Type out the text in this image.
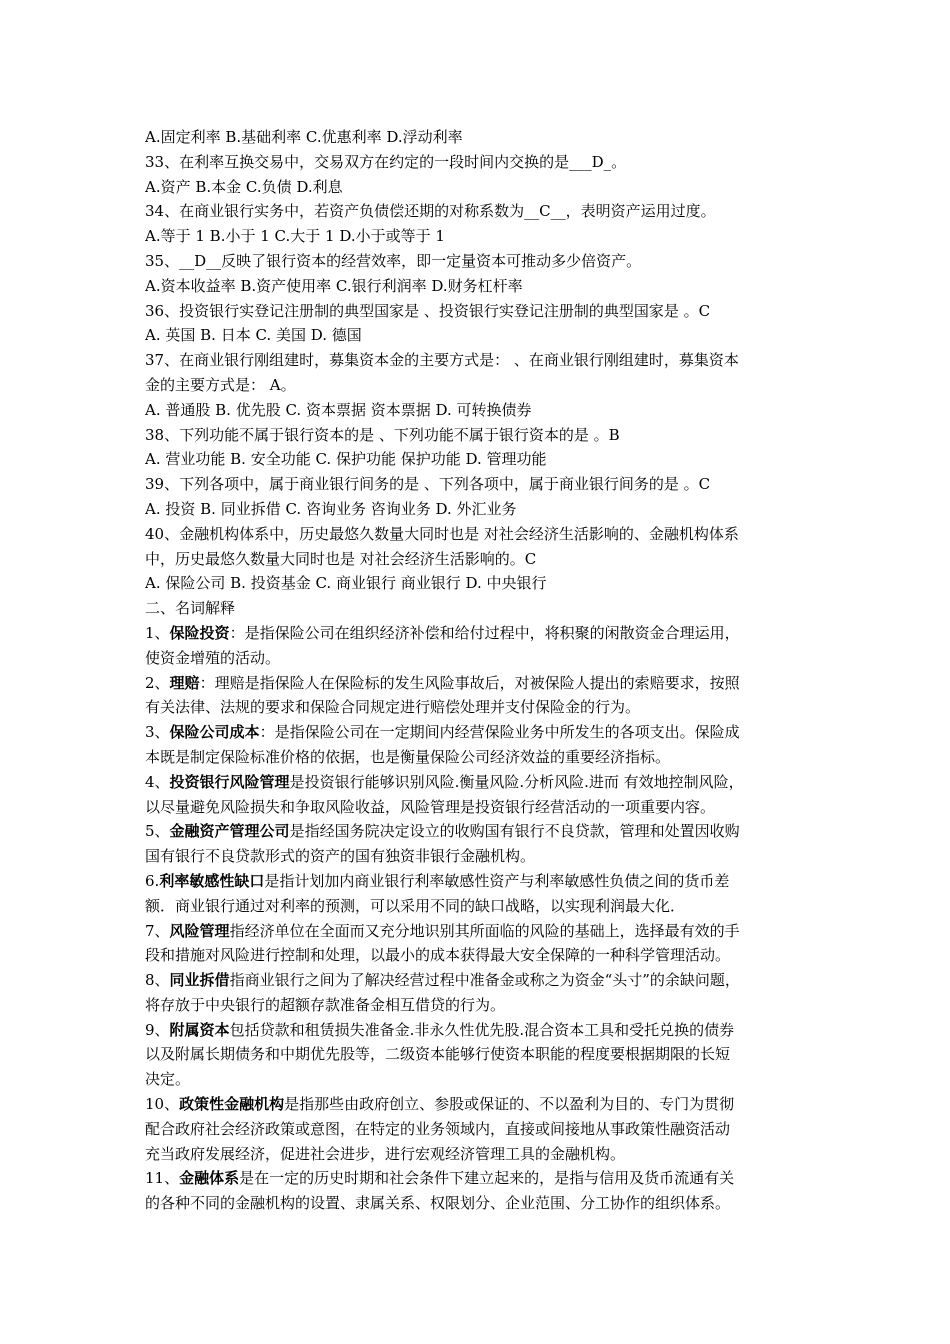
A.固定利率 B.基础利率 C.优惠利率 D.浮动利率
33、在利率互换交易中，交易双方在约定的一段时间内交换的是___D_。
A.资产 B.本金 C.负债 D.利息
34、在商业银行实务中，若资产负债偿还期的对称系数为__C__，表明资产运用过度。
A.等于 1 B.小于 1 C.大于 1 D.小于或等于 1
35、__D__反映了银行资本的经营效率，即一定量资本可推动多少倍资产。
A.资本收益率 B.资产使用率 C.银行利润率 D.财务杠杆率
36、投资银行实登记注册制的典型国家是 、投资银行实登记注册制的典型国家是 。C
A. 英国 B. 日本 C. 美国 D. 德国
37、在商业银行刚组建时，募集资本金的主要方式是： 、在商业银行刚组建时，募集资本
金的主要方式是： A。
A. 普通股 B. 优先股 C. 资本票据 资本票据 D. 可转换债券
38、下列功能不属于银行资本的是 、下列功能不属于银行资本的是 。B
A. 营业功能 B. 安全功能 C. 保护功能 保护功能 D. 管理功能
39、下列各项中，属于商业银行间务的是 、下列各项中，属于商业银行间务的是 。C
A. 投资 B. 同业拆借 C. 咨询业务 咨询业务 D. 外汇业务
40、金融机构体系中，历史最悠久数量大同时也是 对社会经济生活影响的、金融机构体系
中，历史最悠久数量大同时也是 对社会经济生活影响的。C
A. 保险公司 B. 投资基金 C. 商业银行 商业银行 D. 中央银行
二、名词解释
1、保险投资：是指保险公司在组织经济补偿和给付过程中，将积聚的闲散资金合理运用，
使资金增殖的活动。
2、理赔：理赔是指保险人在保险标的发生风险事故后，对被保险人提出的索赔要求，按照
有关法律、法规的要求和保险合同规定进行赔偿处理并支付保险金的行为。
3、保险公司成本：是指保险公司在一定期间内经营保险业务中所发生的各项支出。保险成
本既是制定保险标准价格的依据，也是衡量保险公司经济效益的重要经济指标。
4、投资银行风险管理是投资银行能够识别风险.衡量风险.分析风险.进而 有效地控制风险，
以尽量避免风险损失和争取风险收益，风险管理是投资银行经营活动的一项重要内容。
5、金融资产管理公司是指经国务院决定设立的收购国有银行不良贷款，管理和处置因收购
国有银行不良贷款形式的资产的国有独资非银行金融机构。
6.利率敏感性缺口是指计划加内商业银行利率敏感性资产与利率敏感性负债之间的货币差
额．商业银行通过对利率的预测，可以采用不同的缺口战略，以实现利润最大化．
7、风险管理指经济单位在全面而又充分地识别其所面临的风险的基础上，选择最有效的手
段和措施对风险进行控制和处理，以最小的成本获得最大安全保障的一种科学管理活动。
8、同业拆借指商业银行之间为了解决经营过程中准备金或称之为资金“头寸”的余缺问题，
将存放于中央银行的超额存款准备金相互借贷的行为。
9、附属资本包括贷款和租赁损失准备金.非永久性优先股.混合资本工具和受托兑换的债券
以及附属长期债务和中期优先股等，二级资本能够行使资本职能的程度要根据期限的长短
决定。
10、政策性金融机构是指那些由政府创立、参股或保证的、不以盈利为目的、专门为贯彻
配合政府社会经济政策或意图，在特定的业务领域内，直接或间接地从事政策性融资活动
充当政府发展经济，促进社会进步，进行宏观经济管理工具的金融机构。
11、金融体系是在一定的历史时期和社会条件下建立起来的，是指与信用及货币流通有关
的各种不同的金融机构的设置、隶属关系、权限划分、企业范围、分工协作的组织体系。
